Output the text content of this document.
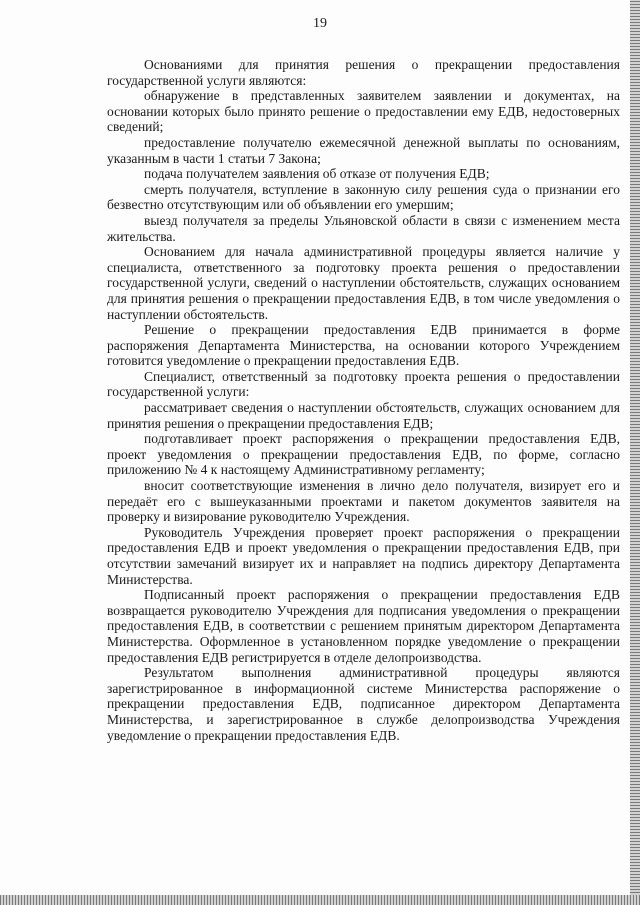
19

Основаниями для принятия решения о прекращении предоставления государственной услуги являются:

обнаружение в представленных заявителем заявлении и документах, на основании которых было принято решение о предоставлении ему ЕДВ, недостоверных сведений;

предоставление получателю ежемесячной денежной выплаты по основаниям, указанным в части 1 статьи 7 Закона;

подача получателем заявления об отказе от получения ЕДВ;

смерть получателя, вступление в законную силу решения суда о признании его безвестно отсутствующим или об объявлении его умершим;

выезд получателя за пределы Ульяновской области в связи с изменением места жительства.

Основанием для начала административной процедуры является наличие у специалиста, ответственного за подготовку проекта решения о предоставлении государственной услуги, сведений о наступлении обстоятельств, служащих основанием для принятия решения о прекращении предоставления ЕДВ, в том числе уведомления о наступлении обстоятельств.

Решение о прекращении предоставления ЕДВ принимается в форме распоряжения Департамента Министерства, на основании которого Учреждением готовится уведомление о прекращении предоставления ЕДВ.

Специалист, ответственный за подготовку проекта решения о предоставлении государственной услуги:

рассматривает сведения о наступлении обстоятельств, служащих основанием для принятия решения о прекращении предоставления ЕДВ;

подготавливает проект распоряжения о прекращении предоставления ЕДВ, проект уведомления о прекращении предоставления ЕДВ, по форме, согласно приложению № 4 к настоящему Административному регламенту;

вносит соответствующие изменения в лично дело получателя, визирует его и передаёт его с вышеуказанными проектами и пакетом документов заявителя на проверку и визирование руководителю Учреждения.

Руководитель Учреждения проверяет проект распоряжения о прекращении предоставления ЕДВ и проект уведомления о прекращении предоставления ЕДВ, при отсутствии замечаний визирует их и направляет на подпись директору Департамента Министерства.

Подписанный проект распоряжения о прекращении предоставления ЕДВ возвращается руководителю Учреждения для подписания уведомления о прекращении предоставления ЕДВ, в соответствии с решением принятым директором Департамента Министерства. Оформленное в установленном порядке уведомление о прекращении предоставления ЕДВ регистрируется в отделе делопроизводства.

Результатом выполнения административной процедуры являются зарегистрированное в информационной системе Министерства распоряжение о прекращении предоставления ЕДВ, подписанное директором Департамента Министерства, и зарегистрированное в службе делопроизводства Учреждения уведомление о прекращении предоставления ЕДВ.
